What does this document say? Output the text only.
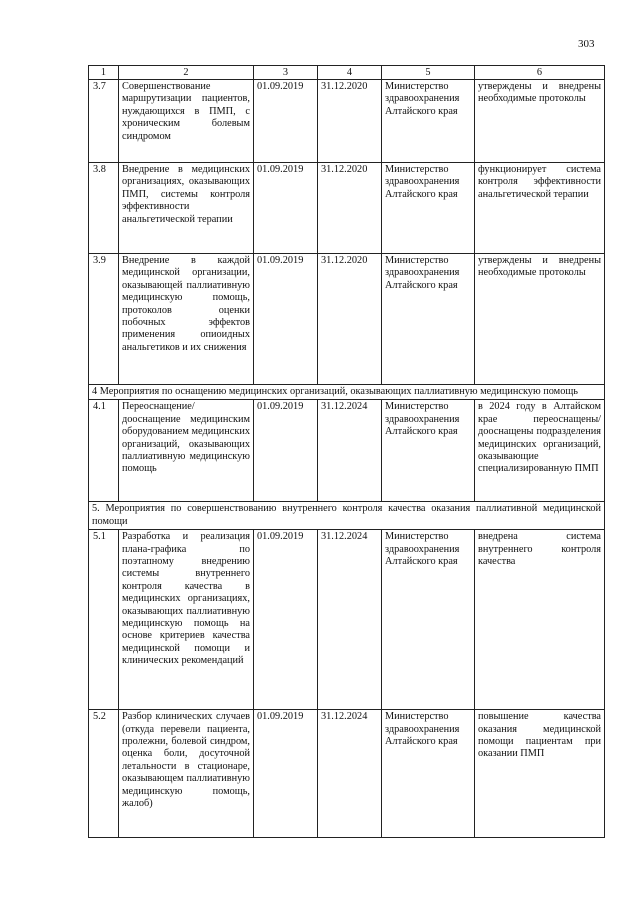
303
1	2	3	4	5	6
3.7	Совершенствование маршрутизации пациентов, нуждающихся в ПМП, с хроническим болевым синдромом	01.09.2019	31.12.2020	Министерство здравоохранения Алтайского края	утверждены и внедрены необходимые протоколы
3.8	Внедрение в медицинских организациях, оказывающих ПМП, системы контроля эффективности анальгетической терапии	01.09.2019	31.12.2020	Министерство здравоохранения Алтайского края	функционирует система контроля эффективности анальгетической терапии
3.9	Внедрение в каждой медицинской организации, оказывающей паллиативную медицинскую помощь, протоколов оценки побочных эффектов применения опиоидных анальгетиков и их снижения	01.09.2019	31.12.2020	Министерство здравоохранения Алтайского края	утверждены и внедрены необходимые протоколы
4 Мероприятия по оснащению медицинских организаций, оказывающих паллиативную медицинскую помощь					
4.1	Переоснащение/дооснащение медицинским оборудованием медицинских организаций, оказывающих паллиативную медицинскую помощь	01.09.2019	31.12.2024	Министерство здравоохранения Алтайского края	в 2024 году в Алтайском крае переоснащены/дооснащены подразделения медицинских организаций, оказывающие специализированную ПМП
5. Мероприятия по совершенствованию внутреннего контроля качества оказания паллиативной медицинской помощи					
5.1	Разработка и реализация плана-графика по поэтапному внедрению системы внутреннего контроля качества в медицинских организациях, оказывающих паллиативную медицинскую помощь на основе критериев качества медицинской помощи и клинических рекомендаций	01.09.2019	31.12.2024	Министерство здравоохранения Алтайского края	внедрена система внутреннего контроля качества
5.2	Разбор клинических случаев (откуда перевели пациента, пролежни, болевой синдром, оценка боли, досуточной летальности в стационаре, оказывающем паллиативную медицинскую помощь, жалоб)	01.09.2019	31.12.2024	Министерство здравоохранения Алтайского края	повышение качества оказания медицинской помощи пациентам при оказании ПМП
